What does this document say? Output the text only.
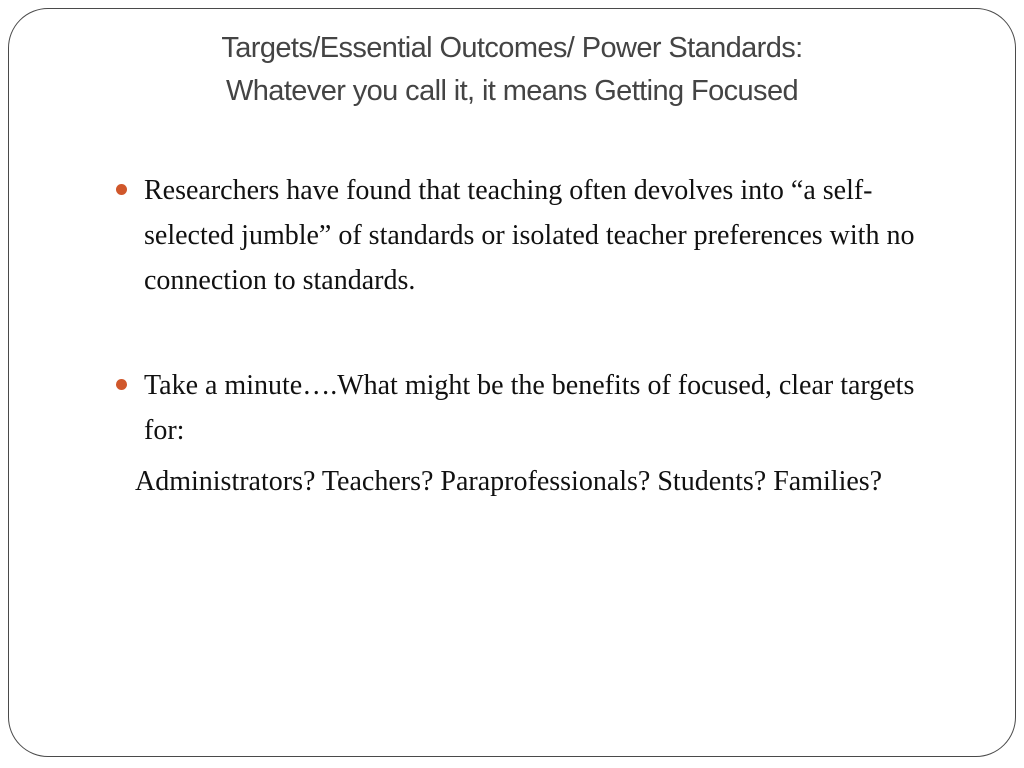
Targets/Essential Outcomes/ Power Standards:
Whatever you call it, it means Getting Focused
Researchers have found that teaching often devolves into “a self-selected jumble” of standards or isolated teacher preferences with no connection to standards.
Take a minute….What might be the benefits of focused, clear targets for:
Administrators? Teachers? Paraprofessionals? Students? Families?
